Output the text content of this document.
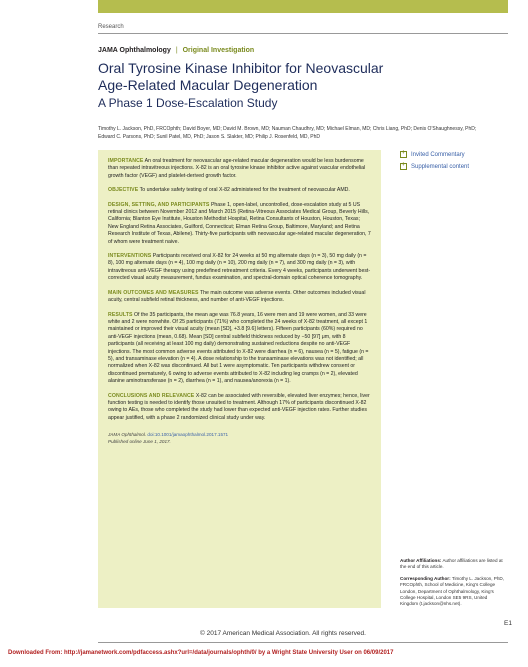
Research
JAMA Ophthalmology | Original Investigation
Oral Tyrosine Kinase Inhibitor for Neovascular Age-Related Macular Degeneration
A Phase 1 Dose-Escalation Study
Timothy L. Jackson, PhD, FRCOphth; David Boyer, MD; David M. Brown, MD; Nauman Chaudhry, MD; Michael Elman, MD; Chris Liang, PhD; Denis O'Shaughnessy, PhD; Edward C. Parsons, PhD; Sunil Patel, MD, PhD; Jason S. Slakter, MD; Philip J. Rosenfeld, MD, PhD

IMPORTANCE An oral treatment for neovascular age-related macular degeneration would be less burdensome than repeated intravitreous injections. X-82 is an oral tyrosine kinase inhibitor active against vascular endothelial growth factor (VEGF) and platelet-derived growth factor.

OBJECTIVE To undertake safety testing of oral X-82 administered for the treatment of neovascular AMD.

DESIGN, SETTING, AND PARTICIPANTS Phase 1, open-label, uncontrolled, dose-escalation study at 5 US retinal clinics between November 2012 and March 2015 (Retina-Vitreous Associates Medical Group, Beverly Hills, California; Blanton Eye Institute, Houston Methodist Hospital, Retina Consultants of Houston, Houston, Texas; New England Retina Associates, Guilford, Connecticut; Elman Retina Group, Baltimore, Maryland; and Retina Research Institute of Texas, Abilene). Thirty-five participants with neovascular age-related macular degeneration, 7 of whom were treatment naive.

INTERVENTIONS Participants received oral X-82 for 24 weeks at 50 mg alternate days (n = 3), 50 mg daily (n = 8), 100 mg alternate days (n = 4), 100 mg daily (n = 10), 200 mg daily (n = 7), and 300 mg daily (n = 3), with intravitreous anti-VEGF therapy using predefined retreatment criteria. Every 4 weeks, participants underwent best-corrected visual acuity measurement, fundus examination, and spectral-domain optical coherence tomography.

MAIN OUTCOMES AND MEASURES The main outcome was adverse events. Other outcomes included visual acuity, central subfield retinal thickness, and number of anti-VEGF injections.

RESULTS Of the 35 participants, the mean age was 76.8 years, 16 were men and 19 were women, and 33 were white and 2 were nonwhite. Of 25 participants (71%) who completed the 24 weeks of X-82 treatment, all except 1 maintained or improved their visual acuity (mean [SD], +3.8 [9.6] letters). Fifteen participants (60%) required no anti-VEGF injections (mean, 0.68). Mean [SD] central subfield thickness reduced by −50 [97] μm, with 8 participants (all receiving at least 100 mg daily) demonstrating sustained reductions despite no anti-VEGF injections. The most common adverse events attributed to X-82 were diarrhea (n = 6), nausea (n = 5), fatigue (n = 5), and transaminase elevation (n = 4). A dose relationship to the transaminase elevations was not identified; all normalized when X-82 was discontinued. All but 1 were asymptomatic. Ten participants withdrew consent or discontinued prematurely, 6 owing to adverse events attributed to X-82 including leg cramps (n = 2), elevated alanine aminotransferase (n = 2), diarrhea (n = 1), and nausea/anorexia (n = 1).

CONCLUSIONS AND RELEVANCE X-82 can be associated with reversible, elevated liver enzymes; hence, liver function testing is needed to identify those unsuited to treatment. Although 17% of participants discontinued X-82 owing to AEs, those who completed the study had lower than expected anti-VEGF injection rates. Further studies appear justified, with a phase 2 randomized clinical study under way.

JAMA Ophthalmol. doi:10.1001/jamaophthalmol.2017.1571
Published online June 1, 2017.

+
Invited Commentary
+
Supplemental content

Author Affiliations: Author affiliations are listed at the end of this article.

Corresponding Author: Timothy L. Jackson, PhD, FRCOphth, School of Medicine, King's College London, Department of Ophthalmology, King's College Hospital, London SE5 9RS, United Kingdom (t.jackson@nhs.net).

E1
© 2017 American Medical Association. All rights reserved.
Downloaded From: http://jamanetwork.com/pdfaccess.ashx?url=/data/journals/ophth/0/ by a Wright State University User on 06/09/2017
